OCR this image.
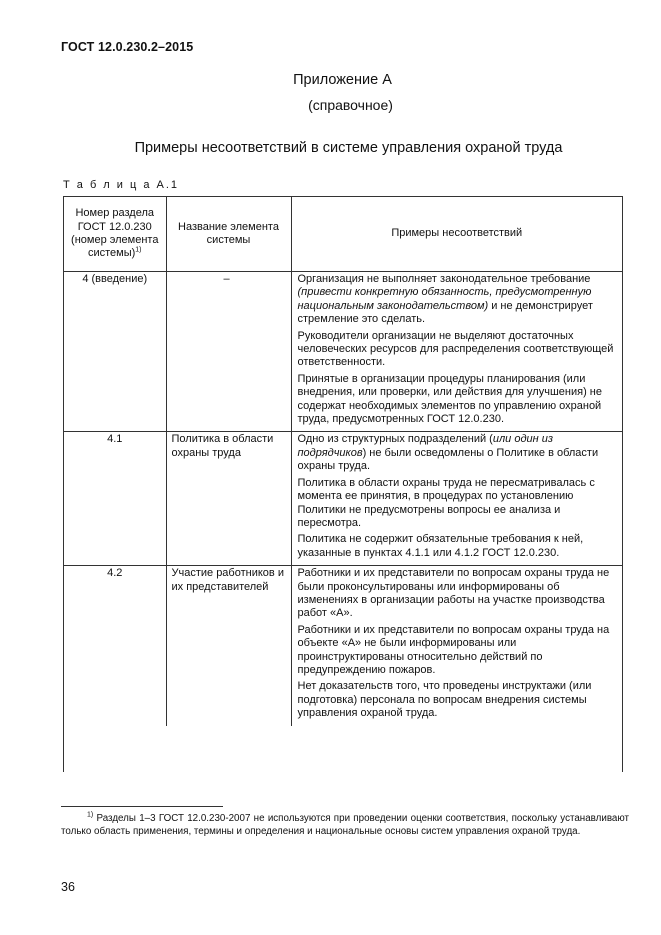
ГОСТ 12.0.230.2–2015
Приложение А
(справочное)
Примеры несоответствий в системе управления охраной труда
Т а б л и ц а А.1
Номер раздела ГОСТ 12.0.230 (номер элемента системы)$^{1)}$	Название элемента системы	Примеры несоответствий
4 (введение)	–	Организация не выполняет законодательное требование (привести конкретную обязанность, предусмотренную национальным законодательством) и не демонстрирует стремление это сделать.

Руководители организации не выделяют достаточных человеческих ресурсов для распределения соответствующей ответственности.

Принятые в организации процедуры планирования (или внедрения, или проверки, или действия для улучшения) не содержат необходимых элементов по управлению охраной труда, предусмотренных ГОСТ 12.0.230.

4.1	Политика в области охраны труда	Одно из структурных подразделений (или один из подрядчиков) не были осведомлены о Политике в области охраны труда.

Политика в области охраны труда не пересматривалась с момента ее принятия, в процедурах по установлению Политики не предусмотрены вопросы ее анализа и пересмотра.

Политика не содержит обязательные требования к ней, указанные в пунктах 4.1.1 или 4.1.2 ГОСТ 12.0.230.

4.2	Участие работников и их представителей	Работники и их представители по вопросам охраны труда не были проконсультированы или информированы об изменениях в организации работы на участке производства работ «А».

Работники и их представители по вопросам охраны труда на объекте «А» не были информированы или проинструктированы относительно действий по предупреждению пожаров.

Нет доказательств того, что проведены инструктажи (или подготовка) персонала по вопросам внедрения системы управления охраной труда.

$^{1)}$ Разделы 1–3 ГОСТ 12.0.230-2007 не используются при проведении оценки соответствия, поскольку устанавливают только область применения, термины и определения и национальные основы систем управления охраной труда.
36
